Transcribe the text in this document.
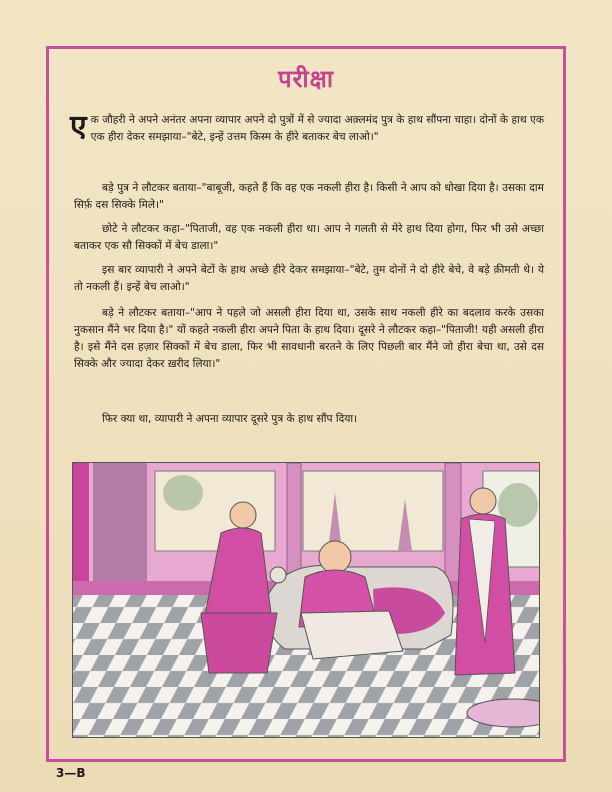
परीक्षा
एक जौहरी ने अपने अनंतर अपना व्यापार अपने दो पुत्रों में से ज्यादा अक़्लमंद पुत्र के हाथ सौंपना चाहा। दोनों के हाथ एक एक हीरा देकर समझाया–"बेटे, इन्हें उत्तम किस्म के हीरे बताकर बेच लाओ।"
बड़े पुत्र ने लौटकर बताया–"बाबूजी, कहते हैं कि वह एक नकली हीरा है। किसी ने आप को धोखा दिया है। उसका दाम सिर्फ़ दस सिक्के मिले।"
छोटे ने लौटकर कहा–"पिताजी, वह एक नकली हीरा था। आप ने गलती से मेरे हाथ दिया होगा, फिर भी उसे अच्छा बताकर एक सौ सिक्कों में बेच डाला।"
इस बार व्यापारी ने अपने बेटों के हाथ अच्छे हीरे देकर समझाया–"बेटे, तुम दोनों ने दो हीरे बेचे, वे बड़े क़ीमती थे। ये तो नकली हैं। इन्हें बेच लाओ।"
बड़े ने लौटकर बताया–"आप ने पहले जो असली हीरा दिया था, उसके साथ नकली हीरे का बदलाव करके उसका नुकसान मैंने भर दिया है।" यों कहते नकली हीरा अपने पिता के हाथ दिया। दूसरे ने लौटकर कहा–"पिताजी! यही असली हीरा है। इसे मैंने दस हज़ार सिक्कों में बेच डाला, फिर भी सावधानी बरतने के लिए पिछली बार मैंने जो हीरा बेचा था, उसे दस सिक्के और ज्यादा देकर ख़रीद लिया।"
फिर क्या था, व्यापारी ने अपना व्यापार दूसरे पुत्र के हाथ सौंप दिया।
3—B
